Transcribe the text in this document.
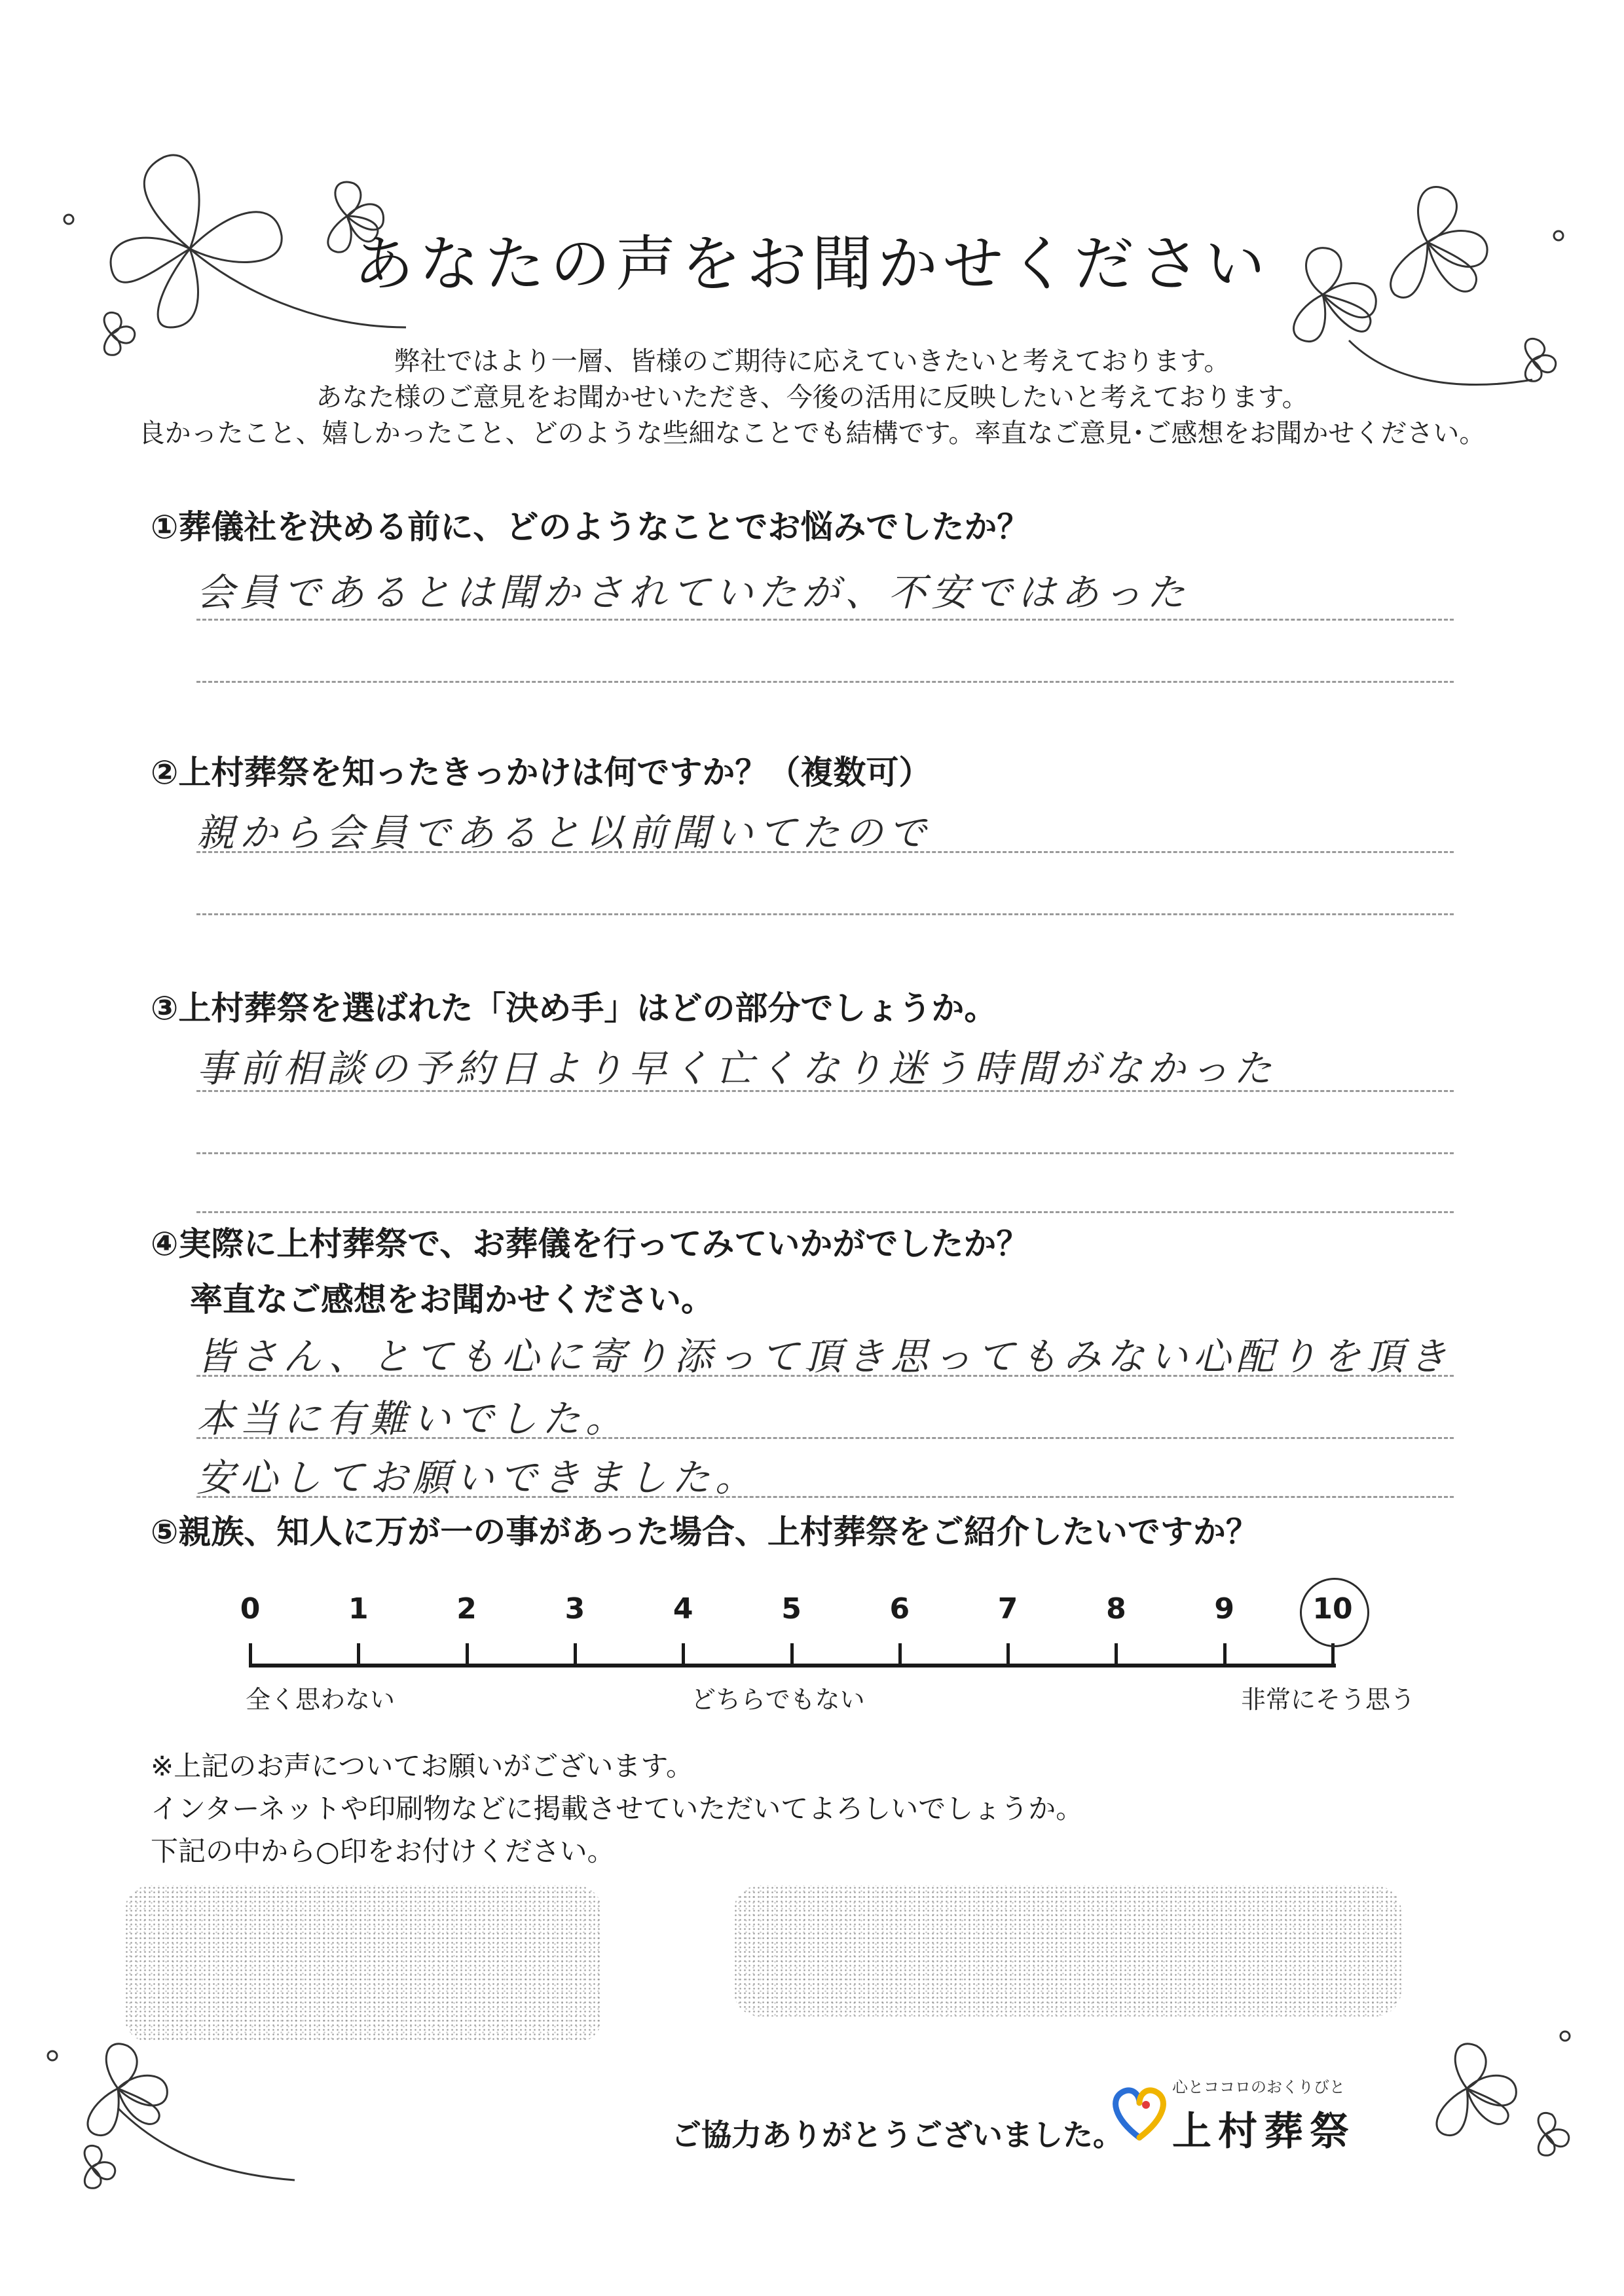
あなたの声をお聞かせください
弊社ではより一層、皆様のご期待に応えていきたいと考えております。
あなた様のご意見をお聞かせいただき、今後の活用に反映したいと考えております。
良かったこと、嬉しかったこと、どのような些細なことでも結構です。率直なご意見･ご感想をお聞かせください。
①葬儀社を決める前に、どのようなことでお悩みでしたか？
会員であるとは聞かされていたが、不安ではあった
②上村葬祭を知ったきっかけは何ですか？（複数可）
親から会員であると以前聞いてたので
③上村葬祭を選ばれた「決め手」はどの部分でしょうか。
事前相談の予約日より早く亡くなり迷う時間がなかった
④実際に上村葬祭で、お葬儀を行ってみていかがでしたか？
率直なご感想をお聞かせください。
皆さん、とても心に寄り添って頂き思ってもみない心配りを頂き
本当に有難いでした。
安心してお願いできました。
⑤親族、知人に万が一の事があった場合、上村葬祭をご紹介したいですか？
0	1	2	3	4	5	6	7	8	9	10
全く思わない	どちらでもない	非常にそう思う
※上記のお声についてお願いがございます。
インターネットや印刷物などに掲載させていただいてよろしいでしょうか。
下記の中から○印をお付けください。
ご協力ありがとうございました。
心とココロのおくりびと
上村葬祭
